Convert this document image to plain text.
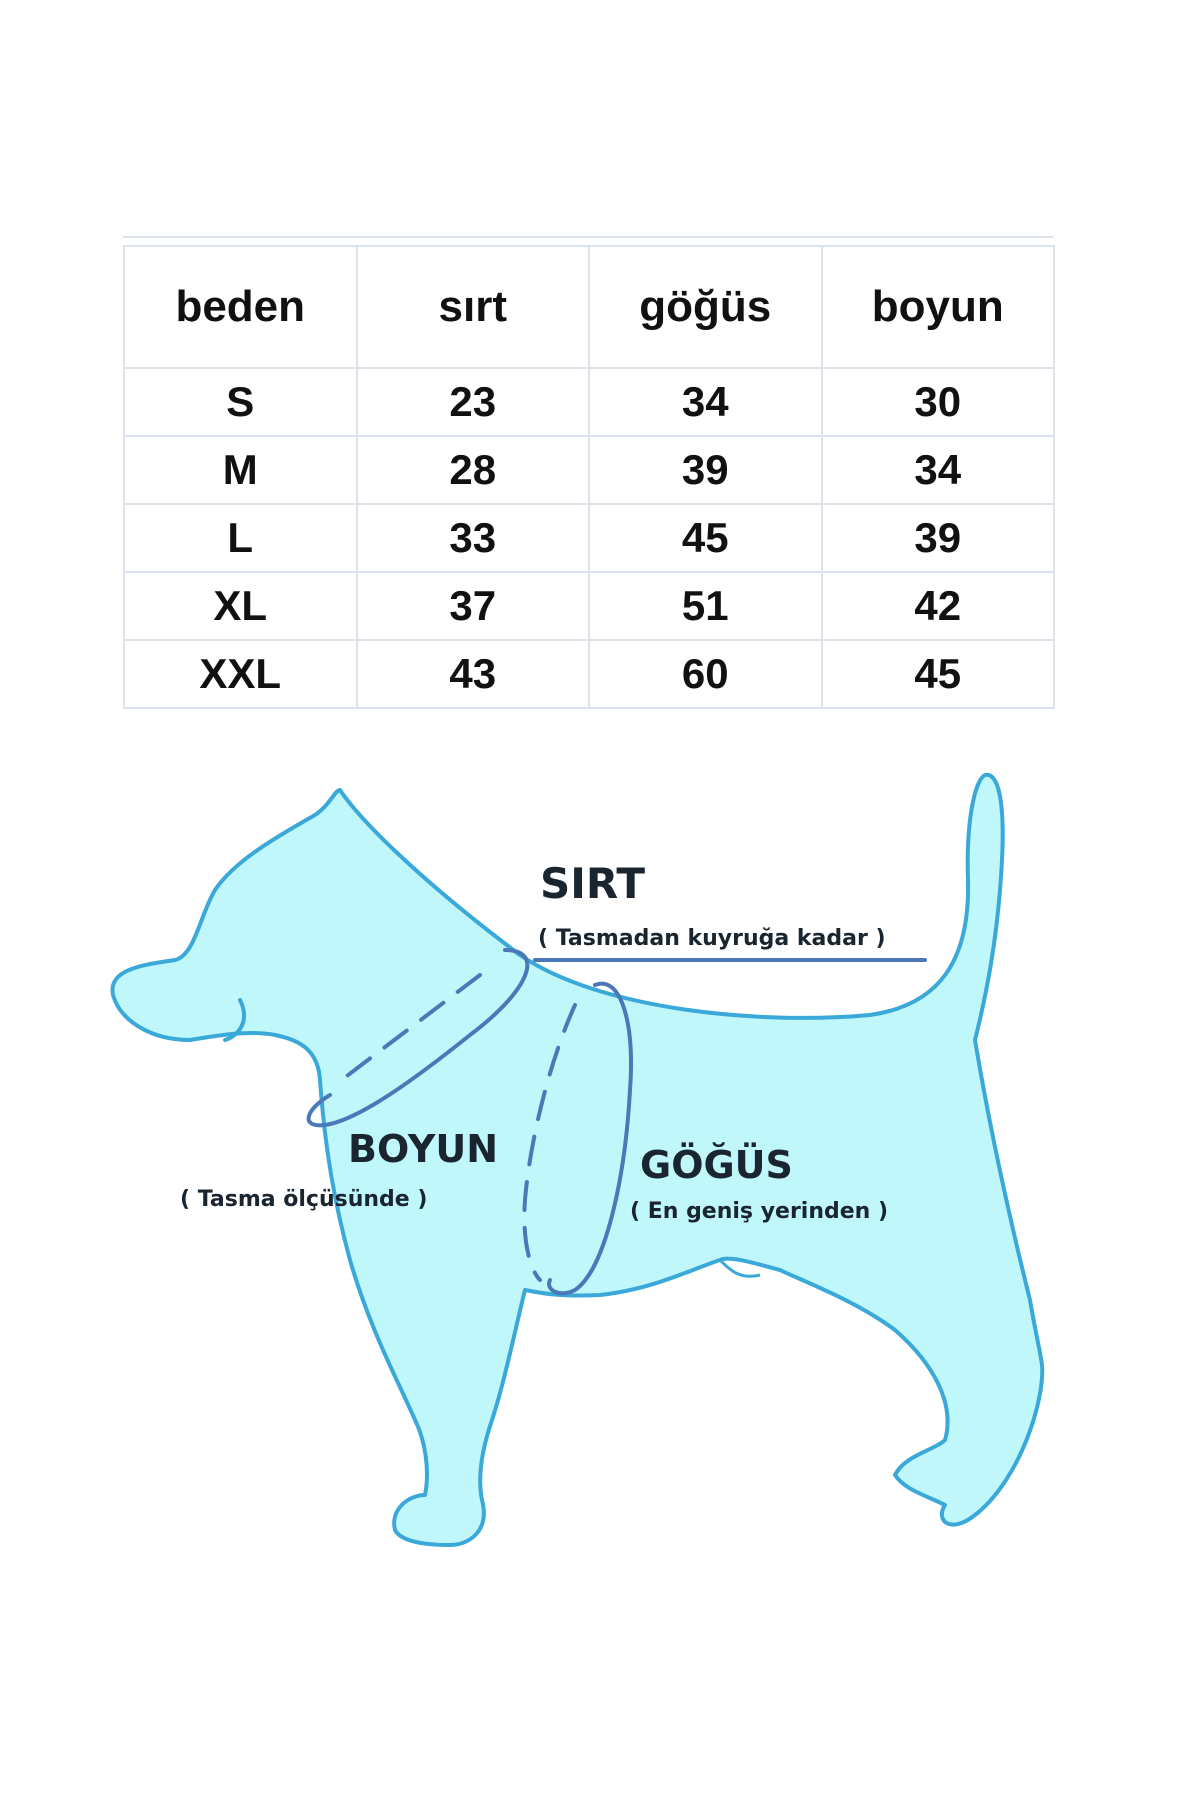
beden	sırt	göğüs	boyun
S	23	34	30
M	28	39	34
L	33	45	39
XL	37	51	42
XXL	43	60	45
SIRT
( Tasmadan kuyruğa kadar )
BOYUN
( Tasma ölçüsünde )
GÖĞÜS
( En geniş yerinden )
